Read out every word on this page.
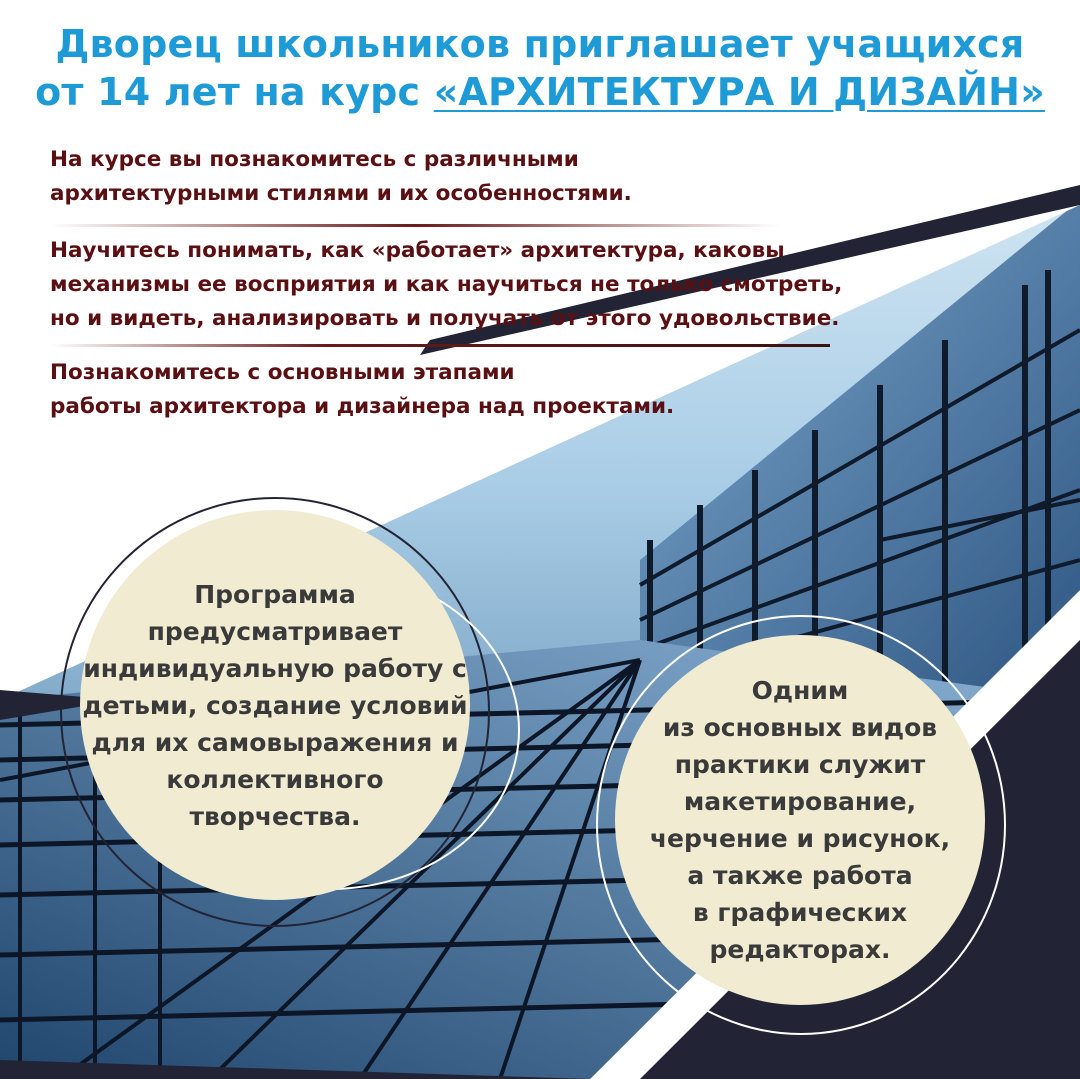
Дворец школьников приглашает учащихся
от 14 лет на курс «АРХИТЕКТУРА И ДИЗАЙН»
На курсе вы познакомитесь с различными
архитектурными стилями и их особенностями.
Научитесь понимать, как «работает» архитектура, каковы
механизмы ее восприятия и как научиться не только смотреть,
но и видеть, анализировать и получать от этого удовольствие.
Познакомитесь с основными этапами
работы архитектора и дизайнера над проектами.
Программа
предусматривает
индивидуальную работу с
детьми, создание условий
для их самовыражения и
коллективного
творчества.
Одним
из основных видов
практики служит
макетирование,
черчение и рисунок,
а также работа
в графических
редакторах.
